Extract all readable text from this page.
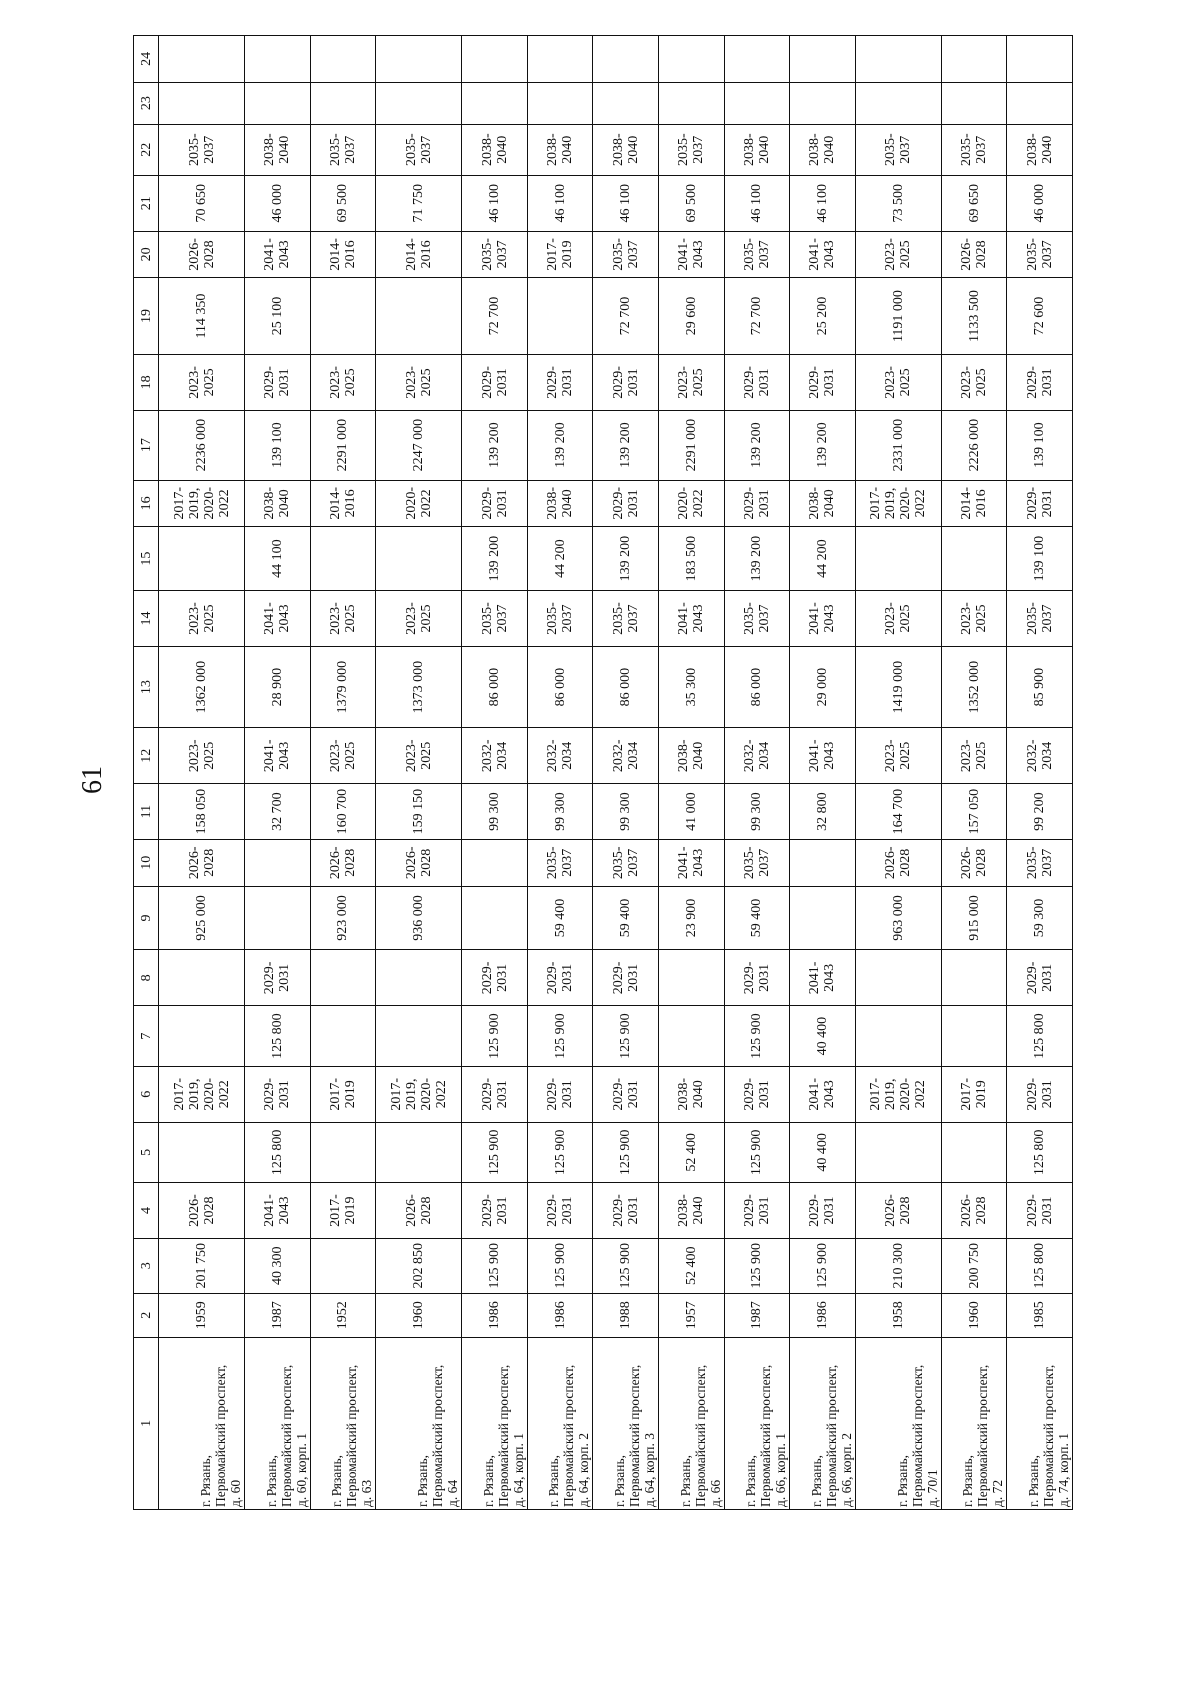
61
1	2	3	4	5	6	7	8	9	10	11	12	13	14	15	16	17	18	19	20	21	22	23	24

г. Рязань, Первомайский проспект, д. 60	1959	201 750	2026-2028		2017-2019, 2020-2022			925 000	2026-2028	158 050	2023-2025	1362 000	2023-2025		2017-2019, 2020-2022	2236 000	2023-2025	114 350	2026-2028	70 650	2035-2037		

г. Рязань, Первомайский проспект, д. 60, корп. 1	1987	40 300	2041-2043	125 800	2029-2031	125 800	2029-2031			32 700	2041-2043	28 900	2041-2043	44 100	2038-2040	139 100	2029-2031	25 100	2041-2043	46 000	2038-2040		

г. Рязань, Первомайский проспект, д. 63	1952		2017-2019		2017-2019			923 000	2026-2028	160 700	2023-2025	1379 000	2023-2025		2014-2016	2291 000	2023-2025		2014-2016	69 500	2035-2037		

г. Рязань, Первомайский проспект, д. 64	1960	202 850	2026-2028		2017-2019, 2020-2022			936 000	2026-2028	159 150	2023-2025	1373 000	2023-2025		2020-2022	2247 000	2023-2025		2014-2016	71 750	2035-2037		

г. Рязань, Первомайский проспект, д. 64, корп. 1	1986	125 900	2029-2031	125 900	2029-2031	125 900	2029-2031			99 300	2032-2034	86 000	2035-2037	139 200	2029-2031	139 200	2029-2031	72 700	2035-2037	46 100	2038-2040		

г. Рязань, Первомайский проспект, д. 64, корп. 2	1986	125 900	2029-2031	125 900	2029-2031	125 900	2029-2031	59 400	2035-2037	99 300	2032-2034	86 000	2035-2037	44 200	2038-2040	139 200	2029-2031		2017-2019	46 100	2038-2040		

г. Рязань, Первомайский проспект, д. 64, корп. 3	1988	125 900	2029-2031	125 900	2029-2031	125 900	2029-2031	59 400	2035-2037	99 300	2032-2034	86 000	2035-2037	139 200	2029-2031	139 200	2029-2031	72 700	2035-2037	46 100	2038-2040		

г. Рязань, Первомайский проспект, д. 66	1957	52 400	2038-2040	52 400	2038-2040			23 900	2041-2043	41 000	2038-2040	35 300	2041-2043	183 500	2020-2022	2291 000	2023-2025	29 600	2041-2043	69 500	2035-2037		

г. Рязань, Первомайский проспект, д. 66, корп. 1	1987	125 900	2029-2031	125 900	2029-2031	125 900	2029-2031	59 400	2035-2037	99 300	2032-2034	86 000	2035-2037	139 200	2029-2031	139 200	2029-2031	72 700	2035-2037	46 100	2038-2040		

г. Рязань, Первомайский проспект, д. 66, корп. 2	1986	125 900	2029-2031	40 400	2041-2043	40 400	2041-2043			32 800	2041-2043	29 000	2041-2043	44 200	2038-2040	139 200	2029-2031	25 200	2041-2043	46 100	2038-2040		

г. Рязань, Первомайский проспект, д. 70/1	1958	210 300	2026-2028		2017-2019, 2020-2022			963 000	2026-2028	164 700	2023-2025	1419 000	2023-2025		2017-2019, 2020-2022	2331 000	2023-2025	1191 000	2023-2025	73 500	2035-2037		

г. Рязань, Первомайский проспект, д. 72	1960	200 750	2026-2028		2017-2019			915 000	2026-2028	157 050	2023-2025	1352 000	2023-2025		2014-2016	2226 000	2023-2025	1133 500	2026-2028	69 650	2035-2037		

г. Рязань, Первомайский проспект, д. 74, корп. 1	1985	125 800	2029-2031	125 800	2029-2031	125 800	2029-2031	59 300	2035-2037	99 200	2032-2034	85 900	2035-2037	139 100	2029-2031	139 100	2029-2031	72 600	2035-2037	46 000	2038-2040		
